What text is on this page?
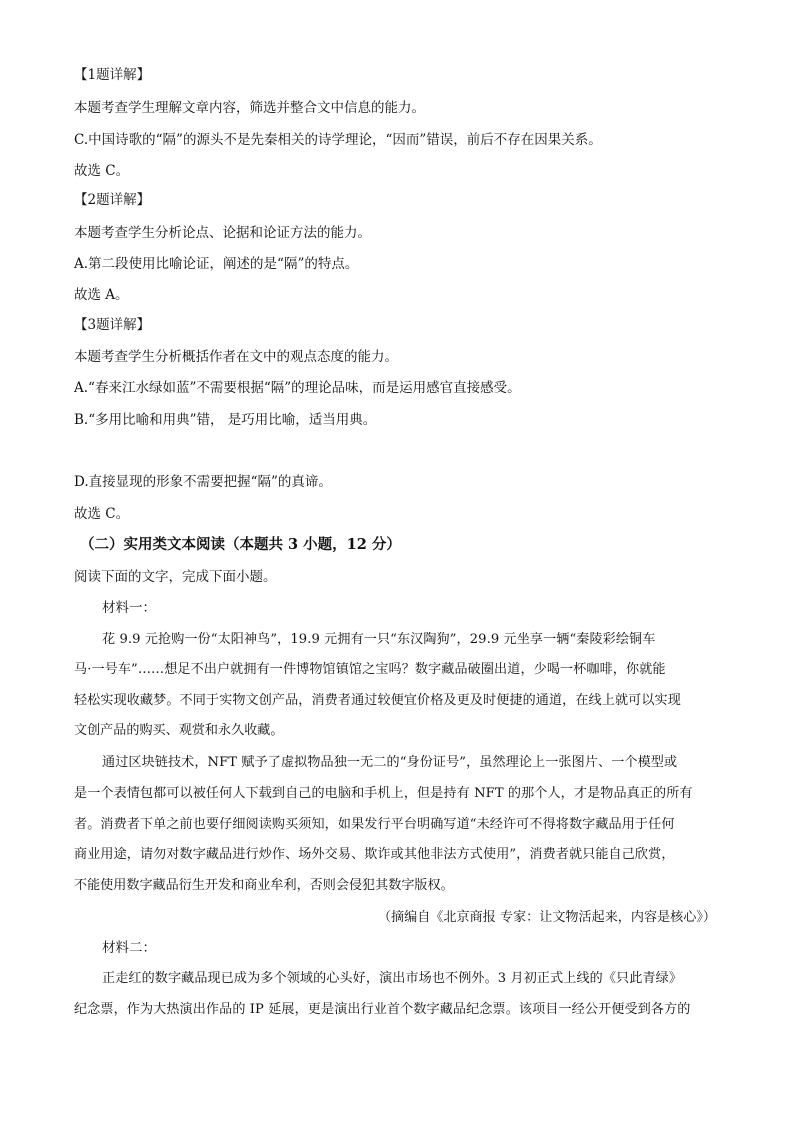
【1题详解】
本题考查学生理解文章内容，筛选并整合文中信息的能力。
C.中国诗歌的“隔”的源头不是先秦相关的诗学理论，“因而”错误，前后不存在因果关系。
故选 C。
【2题详解】
本题考查学生分析论点、论据和论证方法的能力。
A.第二段使用比喻论证，阐述的是“隔”的特点。
故选 A。
【3题详解】
本题考查学生分析概括作者在文中的观点态度的能力。
A.“春来江水绿如蓝”不需要根据“隔”的理论品味，而是运用感官直接感受。
B.“多用比喻和用典”错， 是巧用比喻，适当用典。
D.直接显现的形象不需要把握“隔”的真谛。
故选 C。
（二）实用类文本阅读（本题共 3 小题，12 分）
阅读下面的文字，完成下面小题。
材料一：
花 9.9 元抢购一份“太阳神鸟”，19.9 元拥有一只“东汉陶狗”，29.9 元坐享一辆“秦陵彩绘铜车
马·一号车”……想足不出户就拥有一件博物馆镇馆之宝吗？数字藏品破圈出道，少喝一杯咖啡，你就能
轻松实现收藏梦。不同于实物文创产品，消费者通过较便宜价格及更及时便捷的通道，在线上就可以实现
文创产品的购买、观赏和永久收藏。
通过区块链技术，NFT 赋予了虚拟物品独一无二的“身份证号”，虽然理论上一张图片、一个模型或
是一个表情包都可以被任何人下载到自己的电脑和手机上，但是持有 NFT 的那个人，才是物品真正的所有
者。消费者下单之前也要仔细阅读购买须知，如果发行平台明确写道“未经许可不得将数字藏品用于任何
商业用途，请勿对数字藏品进行炒作、场外交易、欺诈或其他非法方式使用”，消费者就只能自己欣赏，
不能使用数字藏品衍生开发和商业牟利，否则会侵犯其数字版权。
（摘编自《北京商报 专家：让文物活起来，内容是核心》）
材料二：
正走红的数字藏品现已成为多个领域的心头好，演出市场也不例外。3 月初正式上线的《只此青绿》
纪念票，作为大热演出作品的 IP 延展，更是演出行业首个数字藏品纪念票。该项目一经公开便受到各方的
